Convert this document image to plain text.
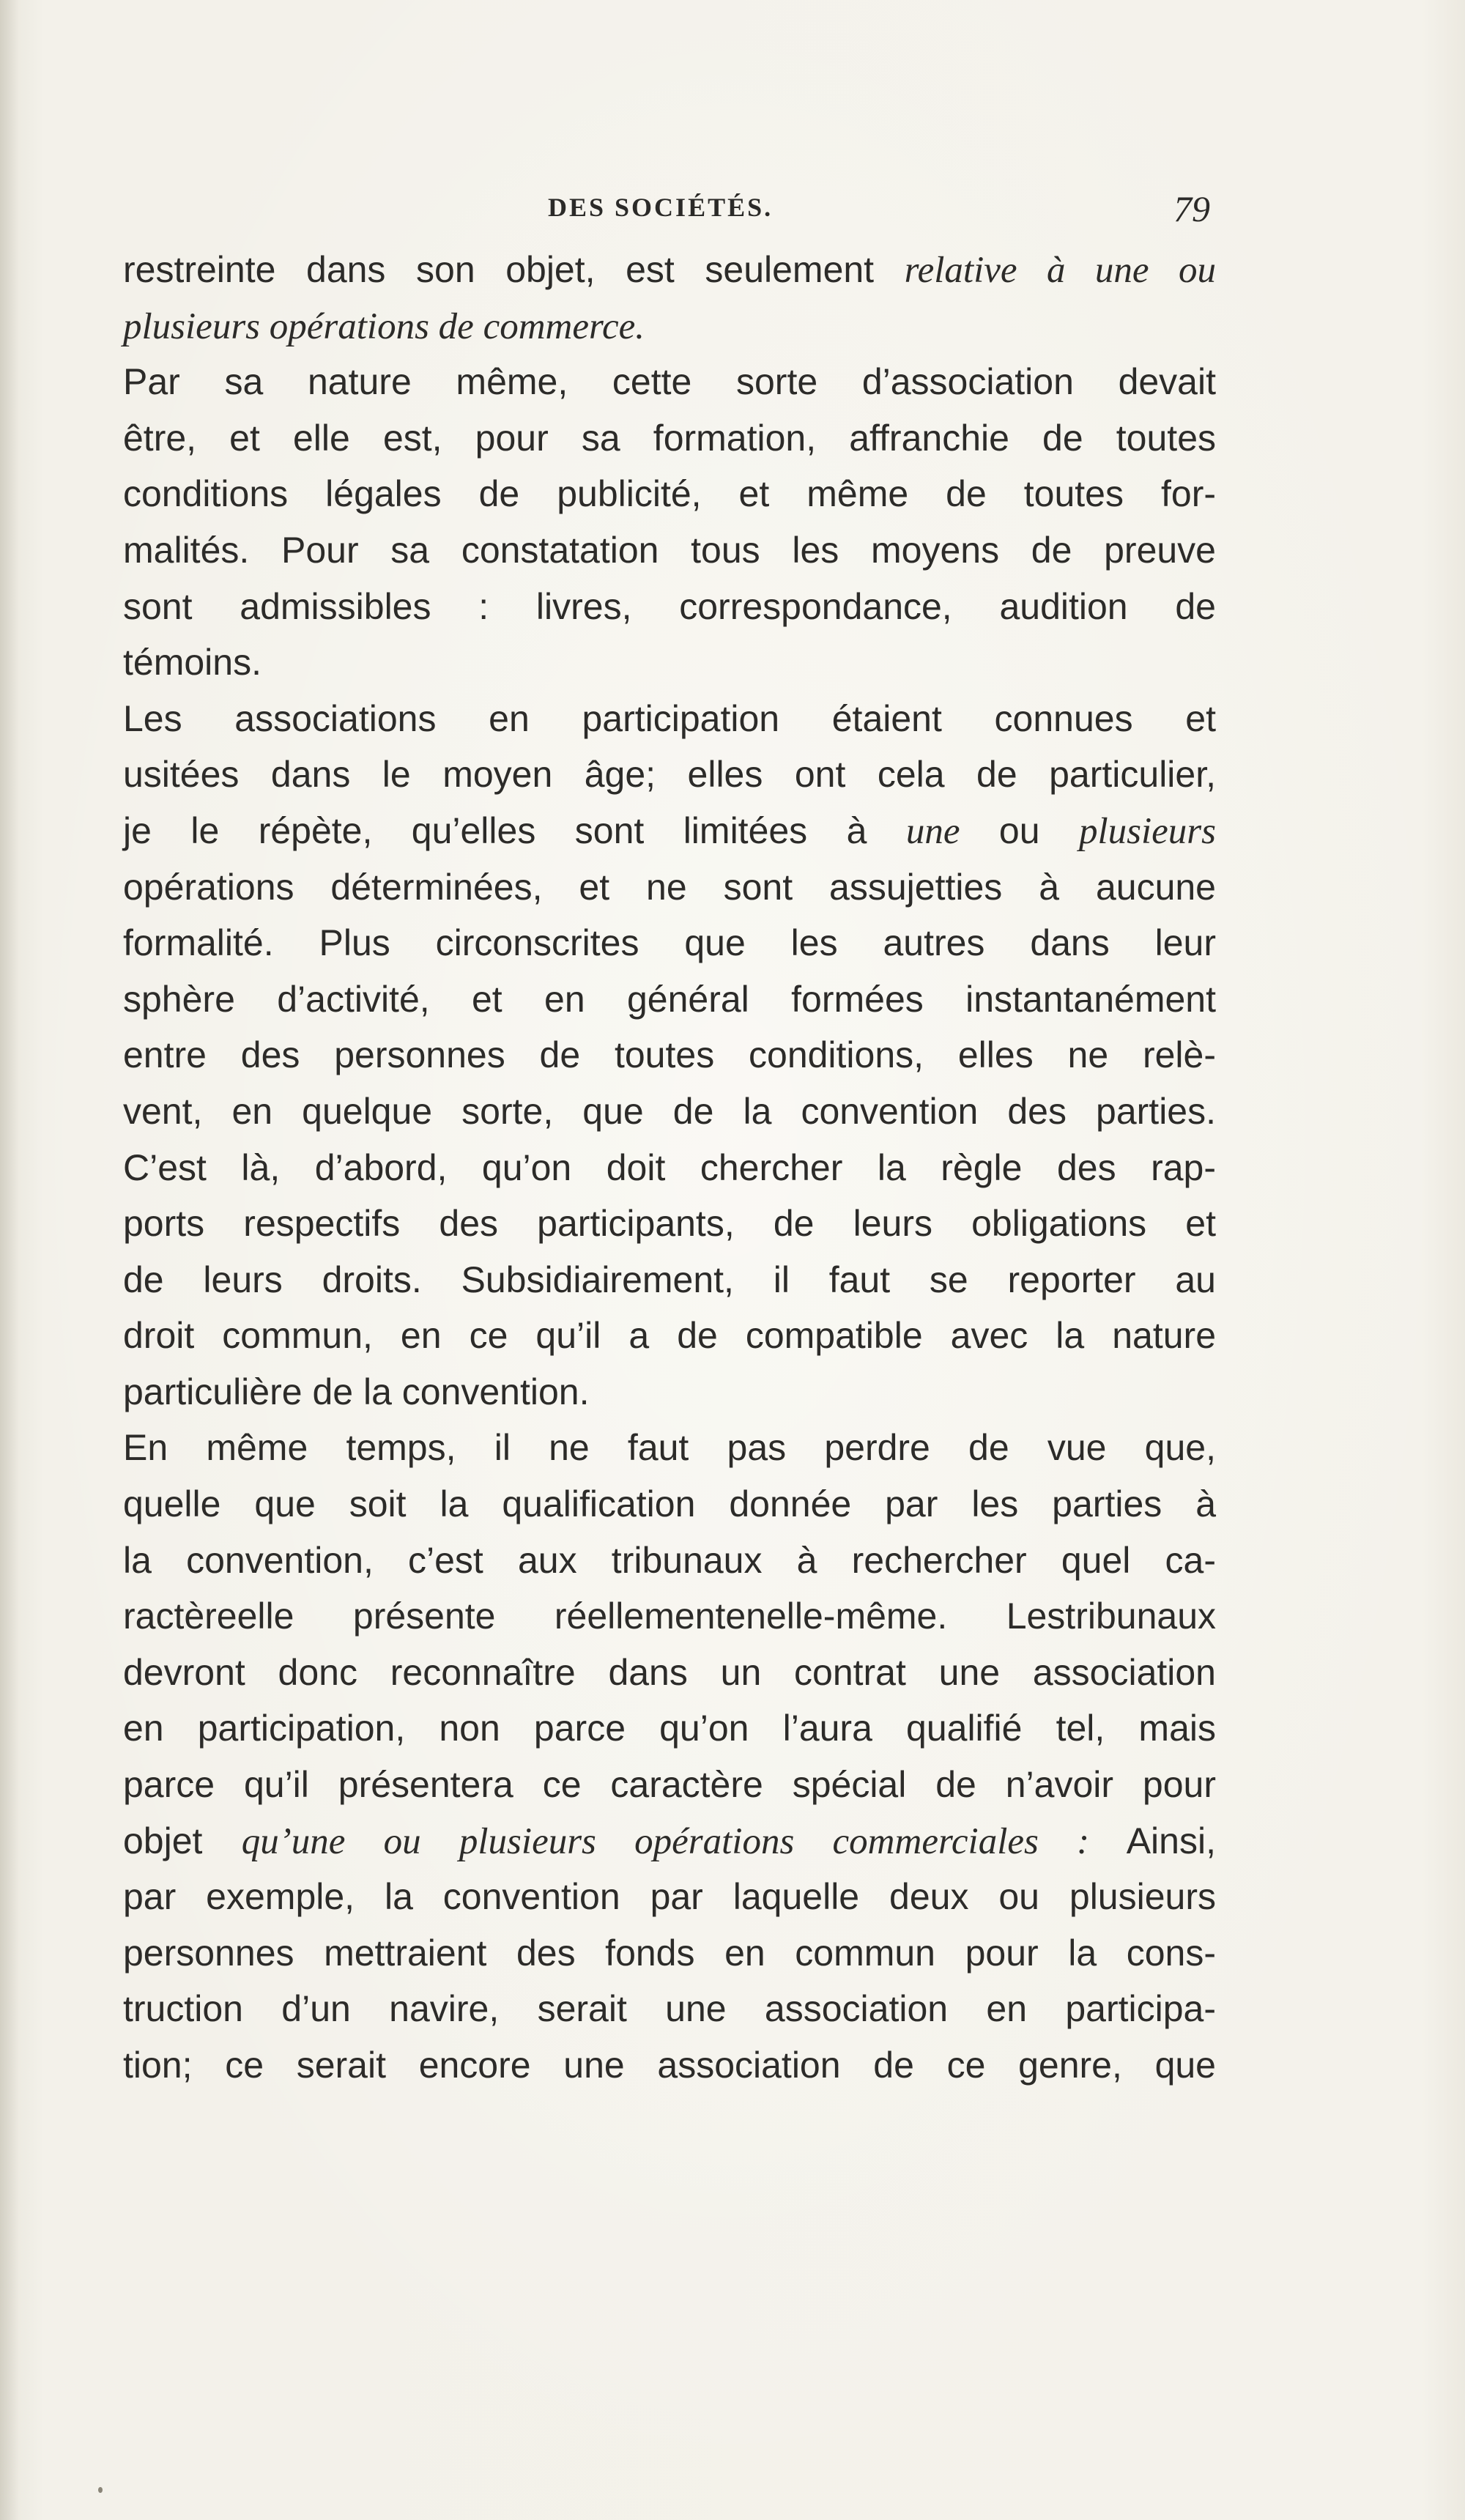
DES SOCIÉTÉS.	79
restreinte dans son objet, est seulement relative à une ou
plusieurs opérations de commerce.
Par sa nature même, cette sorte d’association devait
être, et elle est, pour sa formation, affranchie de toutes
conditions légales de publicité, et même de toutes for-
malités. Pour sa constatation tous les moyens de preuve
sont admissibles : livres, correspondance, audition de
témoins.
Les associations en participation étaient connues et
usitées dans le moyen âge; elles ont cela de particulier,
je le répète, qu’elles sont limitées à une ou plusieurs
opérations déterminées, et ne sont assujetties à aucune
formalité. Plus circonscrites que les autres dans leur
sphère d’activité, et en général formées instantanément
entre des personnes de toutes conditions, elles ne relè-
vent, en quelque sorte, que de la convention des parties.
C’est là, d’abord, qu’on doit chercher la règle des rap-
ports respectifs des participants, de leurs obligations et
de leurs droits. Subsidiairement, il faut se reporter au
droit commun, en ce qu’il a de compatible avec la nature
particulière de la convention.
En même temps, il ne faut pas perdre de vue que,
quelle que soit la qualification donnée par les parties à
la convention, c’est aux tribunaux à rechercher quel ca-
ractèreelle présente réellementenelle-même. Lestribunaux
devront donc reconnaître dans un contrat une association
en participation, non parce qu’on l’aura qualifié tel, mais
parce qu’il présentera ce caractère spécial de n’avoir pour
objet qu’une ou plusieurs opérations commerciales : Ainsi,
par exemple, la convention par laquelle deux ou plusieurs
personnes mettraient des fonds en commun pour la cons-
truction d’un navire, serait une association en participa-
tion; ce serait encore une association de ce genre, que
